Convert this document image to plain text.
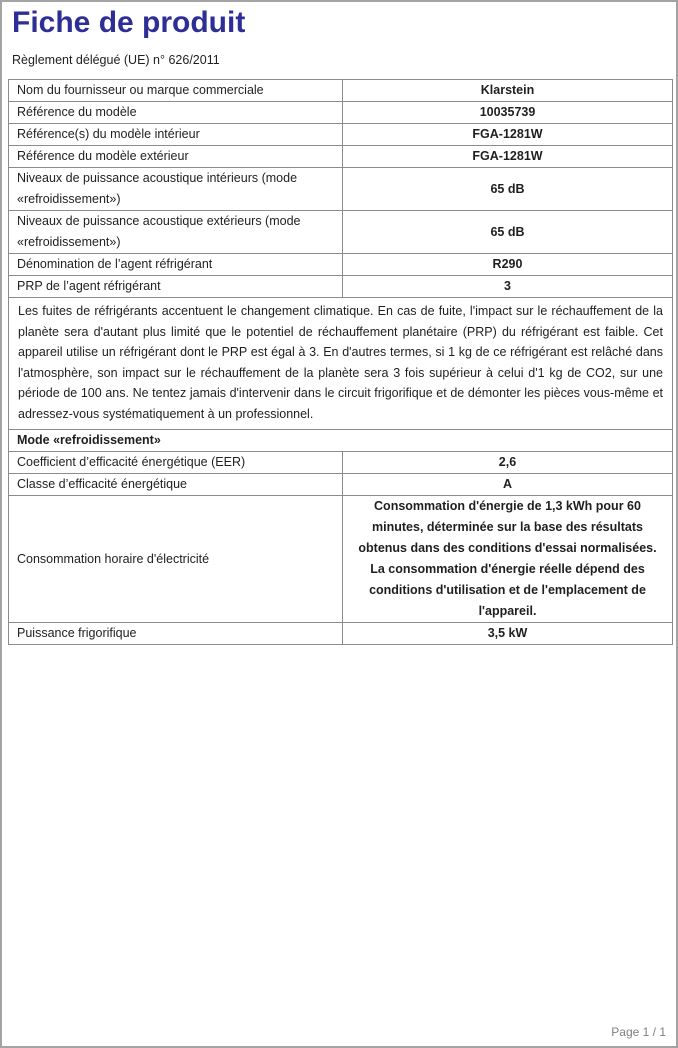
Fiche de produit
Règlement délégué (UE) n° 626/2011
Nom du fournisseur ou marque commerciale	Klarstein
Référence du modèle	10035739
Référence(s) du modèle intérieur	FGA-1281W
Référence du modèle extérieur	FGA-1281W
Niveaux de puissance acoustique intérieurs (mode «refroidissement»)	65 dB
Niveaux de puissance acoustique extérieurs (mode «refroidissement»)	65 dB
Dénomination de l’agent réfrigérant	R290
PRP de l’agent réfrigérant	3
Les fuites de réfrigérants accentuent le changement climatique. En cas de fuite, l'impact sur le réchauffement de la planète sera d'autant plus limité que le potentiel de réchauffement planétaire (PRP) du réfrigérant est faible. Cet appareil utilise un réfrigérant dont le PRP est égal à 3. En d'autres termes, si 1 kg de ce réfrigérant est relâché dans l'atmosphère, son impact sur le réchauffement de la planète sera 3 fois supérieur à celui d'1 kg de CO2, sur une période de 100 ans. Ne tentez jamais d'intervenir dans le circuit frigorifique et de démonter les pièces vous-même et adressez-vous systématiquement à un professionnel.	
Mode «refroidissement»	
Coefficient d’efficacité énergétique (EER)	2,6
Classe d’efficacité énergétique	A
Consommation horaire d'électricité	Consommation d'énergie de 1,3 kWh pour 60 minutes, déterminée sur la base des résultats obtenus dans des conditions d'essai normalisées. La consommation d'énergie réelle dépend des conditions d'utilisation et de l'emplacement de l'appareil.
Puissance frigorifique	3,5 kW
Page 1 / 1
